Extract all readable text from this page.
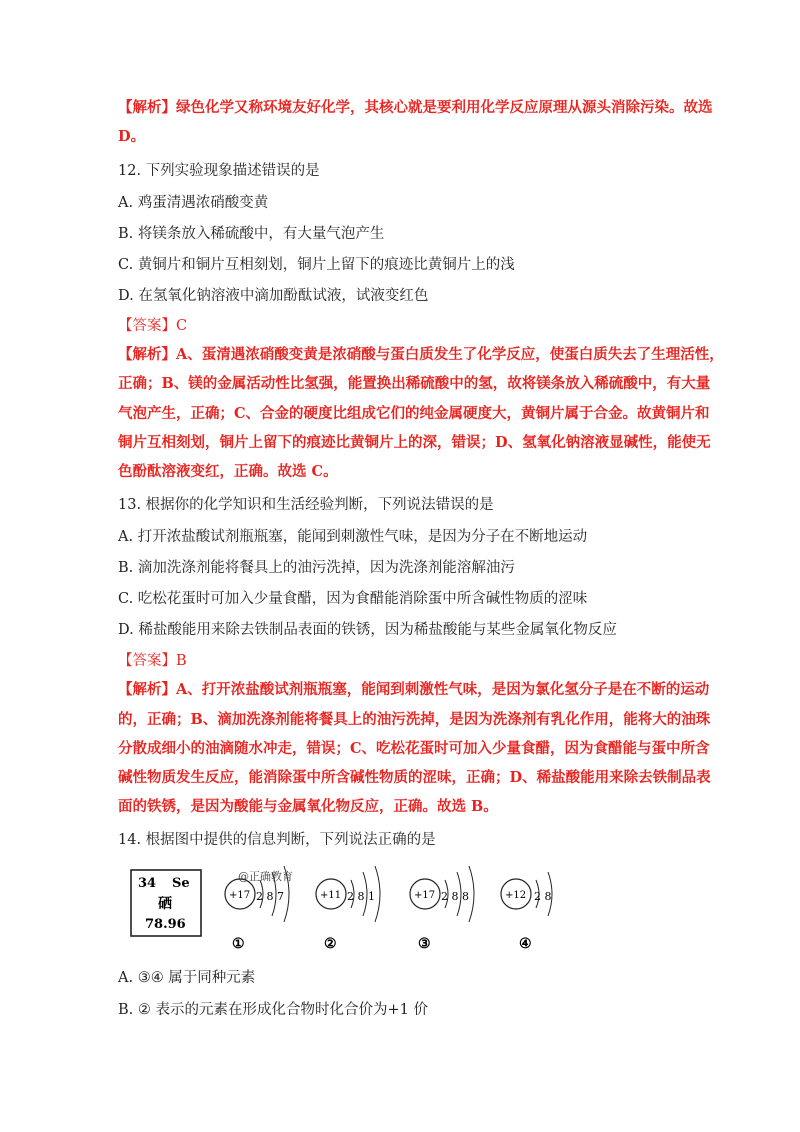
【解析】绿色化学又称环境友好化学，其核心就是要利用化学反应原理从源头消除污染。故选
D。
12. 下列实验现象描述错误的是
A. 鸡蛋清遇浓硝酸变黄
B. 将镁条放入稀硫酸中，有大量气泡产生
C. 黄铜片和铜片互相刻划，铜片上留下的痕迹比黄铜片上的浅
D. 在氢氧化钠溶液中滴加酚酞试液，试液变红色
【答案】C
【解析】A、蛋清遇浓硝酸变黄是浓硝酸与蛋白质发生了化学反应，使蛋白质失去了生理活性，
正确；B、镁的金属活动性比氢强，能置换出稀硫酸中的氢，故将镁条放入稀硫酸中，有大量
气泡产生，正确；C、合金的硬度比组成它们的纯金属硬度大，黄铜片属于合金。故黄铜片和
铜片互相刻划，铜片上留下的痕迹比黄铜片上的深，错误；D、氢氧化钠溶液显碱性，能使无
色酚酞溶液变红，正确。故选 C。
13. 根据你的化学知识和生活经验判断，下列说法错误的是
A. 打开浓盐酸试剂瓶瓶塞，能闻到刺激性气味，是因为分子在不断地运动
B. 滴加洗涤剂能将餐具上的油污洗掉，因为洗涤剂能溶解油污
C. 吃松花蛋时可加入少量食醋，因为食醋能消除蛋中所含碱性物质的涩味
D. 稀盐酸能用来除去铁制品表面的铁锈，因为稀盐酸能与某些金属氧化物反应
【答案】B
【解析】A、打开浓盐酸试剂瓶瓶塞，能闻到刺激性气味，是因为氯化氢分子是在不断的运动
的，正确；B、滴加洗涤剂能将餐具上的油污洗掉，是因为洗涤剂有乳化作用，能将大的油珠
分散成细小的油滴随水冲走，错误；C、吃松花蛋时可加入少量食醋，因为食醋能与蛋中所含
碱性物质发生反应，能消除蛋中所含碱性物质的涩味，正确；D、稀盐酸能用来除去铁制品表
面的铁锈，是因为酸能与金属氧化物反应，正确。故选 B。
14. 根据图中提供的信息判断，下列说法正确的是
34 Se
硒
78.96
@正确教育
+17 2 8 7
①
+11 2 8 1
②
+17 2 8 8
③
+12 2 8
④
A. ③④ 属于同种元素
B. ② 表示的元素在形成化合物时化合价为+1 价
